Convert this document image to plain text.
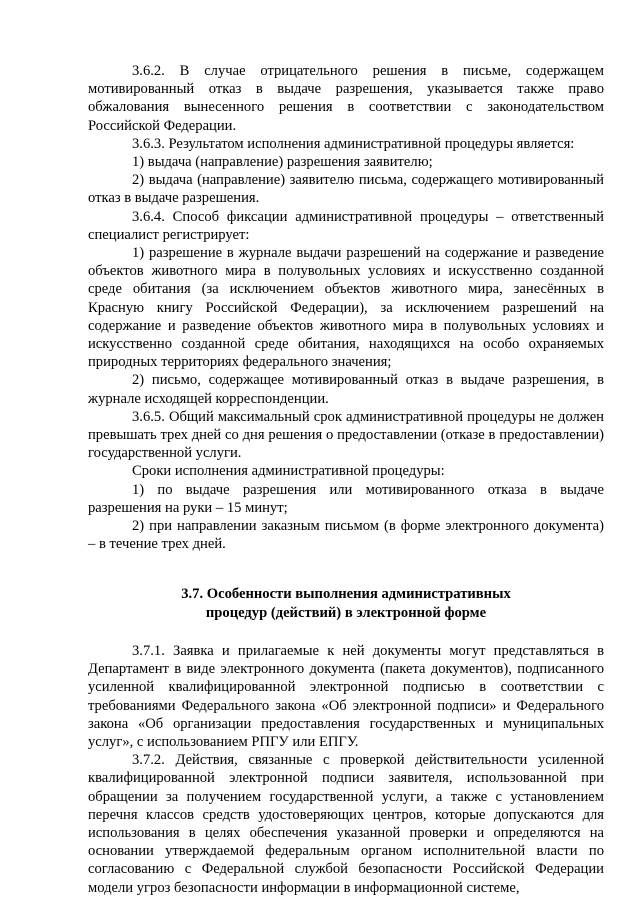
3.6.2. В случае отрицательного решения в письме, содержащем мотивированный отказ в выдаче разрешения, указывается также право обжалования вынесенного решения в соответствии с законодательством Российской Федерации.

3.6.3. Результатом исполнения административной процедуры является:

1) выдача (направление) разрешения заявителю;

2) выдача (направление) заявителю письма, содержащего мотивированный отказ в выдаче разрешения.

3.6.4. Способ фиксации административной процедуры – ответственный специалист регистрирует:

1) разрешение в журнале выдачи разрешений на содержание и разведение объектов животного мира в полувольных условиях и искусственно созданной среде обитания (за исключением объектов животного мира, занесённых в Красную книгу Российской Федерации), за исключением разрешений на содержание и разведение объектов животного мира в полувольных условиях и искусственно созданной среде обитания, находящихся на особо охраняемых природных территориях федерального значения;

2) письмо, содержащее мотивированный отказ в выдаче разрешения, в журнале исходящей корреспонденции.

3.6.5. Общий максимальный срок административной процедуры не должен превышать трех дней со дня решения о предоставлении (отказе в предоставлении) государственной услуги.

Сроки исполнения административной процедуры:

1) по выдаче разрешения или мотивированного отказа в выдаче разрешения на руки – 15 минут;

2) при направлении заказным письмом (в форме электронного документа) – в течение трех дней.

3.7. Особенности выполнения административных
процедур (действий) в электронной форме

3.7.1. Заявка и прилагаемые к ней документы могут представляться в Департамент в виде электронного документа (пакета документов), подписанного усиленной квалифицированной электронной подписью в соответствии с требованиями Федерального закона «Об электронной подписи» и Федерального закона «Об организации предоставления государственных и муниципальных услуг», с использованием РПГУ или ЕПГУ.

3.7.2. Действия, связанные с проверкой действительности усиленной квалифицированной электронной подписи заявителя, использованной при обращении за получением государственной услуги, а также с установлением перечня классов средств удостоверяющих центров, которые допускаются для использования в целях обеспечения указанной проверки и определяются на основании утверждаемой федеральным органом исполнительной власти по согласованию с Федеральной службой безопасности Российской Федерации модели угроз безопасности информации в информационной системе,
